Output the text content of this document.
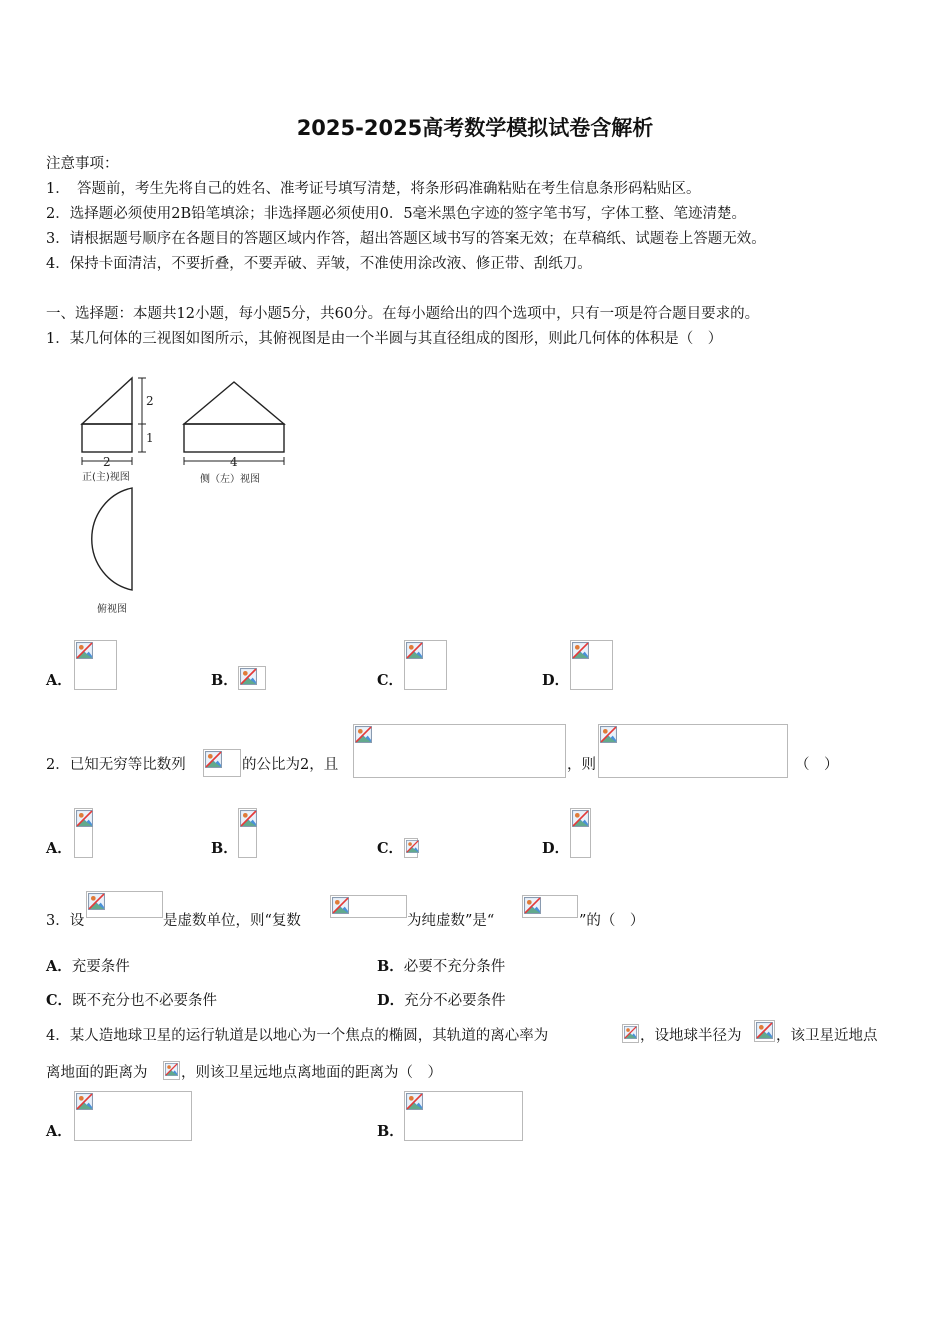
2025-2025高考数学模拟试卷含解析
注意事项：
1．　答题前，考生先将自己的姓名、准考证号填写清楚，将条形码准确粘贴在考生信息条形码粘贴区。
2．选择题必须使用2B铅笔填涂；非选择题必须使用0．5毫米黑色字迹的签字笔书写，字体工整、笔迹清楚。
3．请根据题号顺序在各题目的答题区域内作答，超出答题区域书写的答案无效；在草稿纸、试题卷上答题无效。
4．保持卡面清洁，不要折叠，不要弄破、弄皱，不准使用涂改液、修正带、刮纸刀。
一、选择题：本题共12小题，每小题5分，共60分。在每小题给出的四个选项中，只有一项是符合题目要求的。
1．某几何体的三视图如图所示，其俯视图是由一个半圆与其直径组成的图形，则此几何体的体积是（　）
2
1
2	4
正(主)视图	侧（左）视图
俯视图
A．	B．	C．	D．
2．已知无穷等比数列	的公比为2，且	，则	（　）
A．	B．	C．	D．
3．设	是虚数单位，则“复数	为纯虚数”是“	”的（　）
A．充要条件	B．必要不充分条件
C．既不充分也不必要条件	D．充分不必要条件
4．某人造地球卫星的运行轨道是以地心为一个焦点的椭圆，其轨道的离心率为	，设地球半径为 ，该卫星近地点
离地面的距离为 ，则该卫星远地点离地面的距离为（　）
A．	B．
